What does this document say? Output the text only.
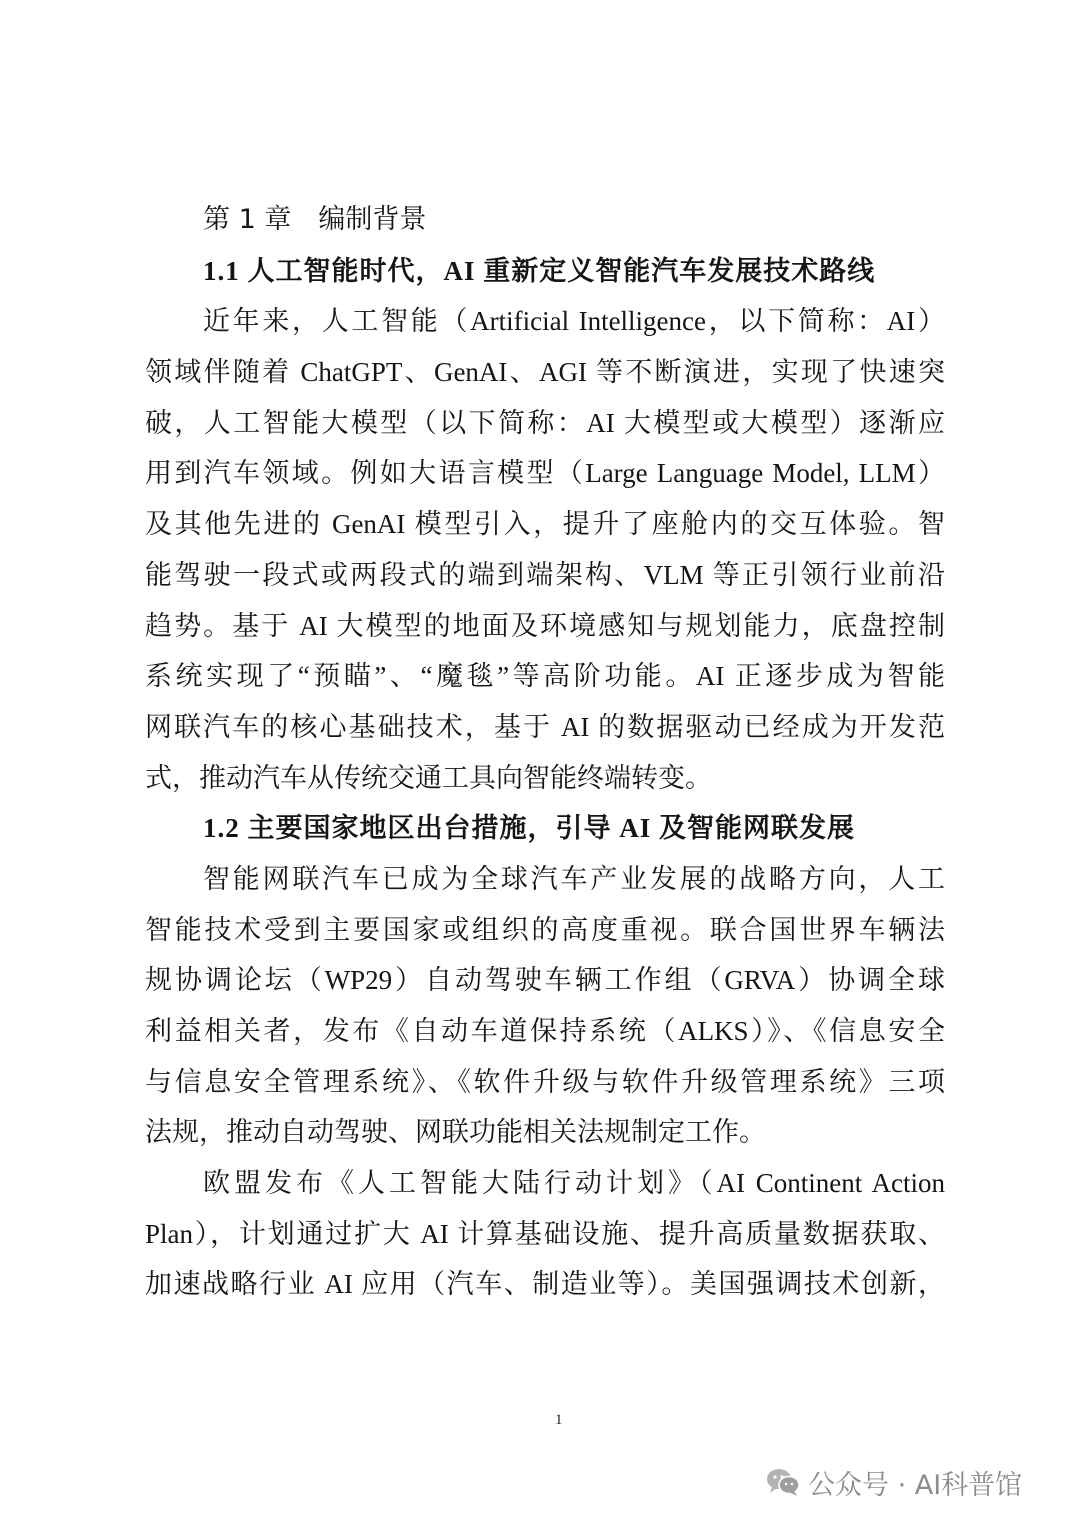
第 1 章　编制背景
1.1 人工智能时代，AI 重新定义智能汽车发展技术路线
近年来，人工智能（Artificial Intelligence，以下简称：AI）
领域伴随着 ChatGPT、GenAI、AGI 等不断演进，实现了快速突
破，人工智能大模型（以下简称：AI 大模型或大模型）逐渐应
用到汽车领域。例如大语言模型（Large Language Model, LLM）
及其他先进的 GenAI 模型引入，提升了座舱内的交互体验。智
能驾驶一段式或两段式的端到端架构、VLM 等正引领行业前沿
趋势。基于 AI 大模型的地面及环境感知与规划能力，底盘控制
系统实现了“预瞄”、“魔毯”等高阶功能。AI 正逐步成为智能
网联汽车的核心基础技术，基于 AI 的数据驱动已经成为开发范
式，推动汽车从传统交通工具向智能终端转变。
1.2 主要国家地区出台措施，引导 AI 及智能网联发展
智能网联汽车已成为全球汽车产业发展的战略方向，人工
智能技术受到主要国家或组织的高度重视。联合国世界车辆法
规协调论坛（WP29）自动驾驶车辆工作组（GRVA）协调全球
利益相关者，发布《自动车道保持系统（ALKS）》、《信息安全
与信息安全管理系统》、《软件升级与软件升级管理系统》三项
法规，推动自动驾驶、网联功能相关法规制定工作。
欧盟发布《人工智能大陆行动计划》（AI Continent Action
Plan），计划通过扩大 AI 计算基础设施、提升高质量数据获取、
加速战略行业 AI 应用（汽车、制造业等）。美国强调技术创新，
1
公众号 · AI科普馆
